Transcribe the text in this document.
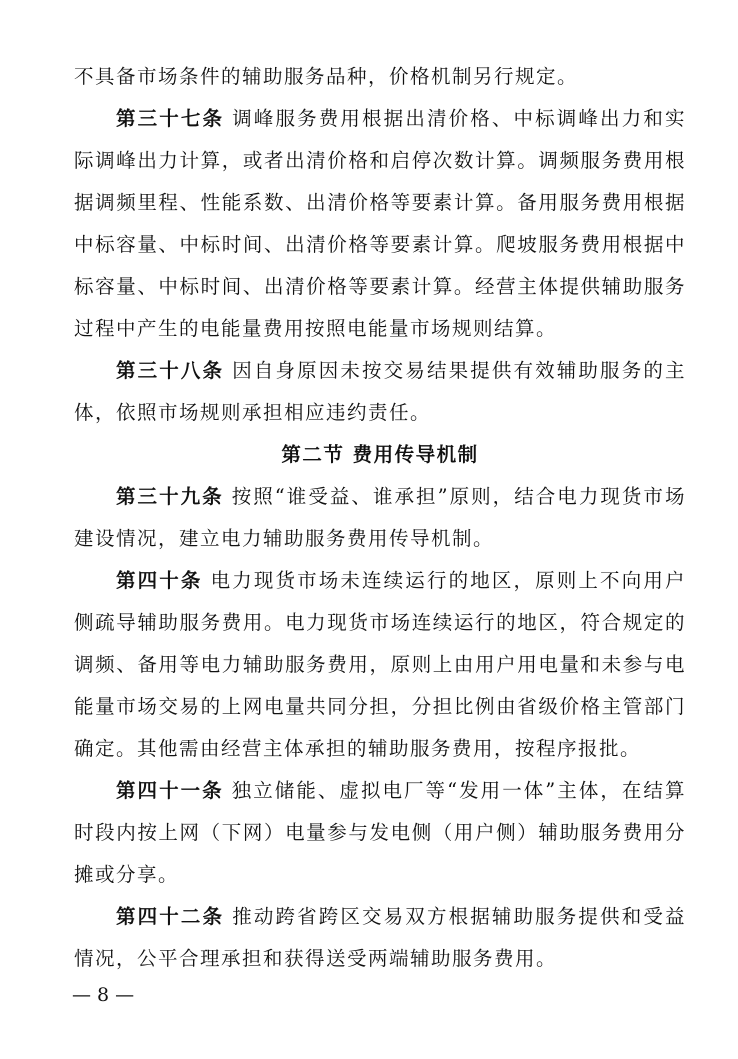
不具备市场条件的辅助服务品种，价格机制另行规定。

第三十七条 调峰服务费用根据出清价格、中标调峰出力和实际调峰出力计算，或者出清价格和启停次数计算。调频服务费用根据调频里程、性能系数、出清价格等要素计算。备用服务费用根据中标容量、中标时间、出清价格等要素计算。爬坡服务费用根据中标容量、中标时间、出清价格等要素计算。经营主体提供辅助服务过程中产生的电能量费用按照电能量市场规则结算。

第三十八条 因自身原因未按交易结果提供有效辅助服务的主体，依照市场规则承担相应违约责任。

第二节 费用传导机制

第三十九条 按照“谁受益、谁承担”原则，结合电力现货市场建设情况，建立电力辅助服务费用传导机制。

第四十条 电力现货市场未连续运行的地区，原则上不向用户侧疏导辅助服务费用。电力现货市场连续运行的地区，符合规定的调频、备用等电力辅助服务费用，原则上由用户用电量和未参与电能量市场交易的上网电量共同分担，分担比例由省级价格主管部门确定。其他需由经营主体承担的辅助服务费用，按程序报批。

第四十一条 独立储能、虚拟电厂等“发用一体”主体，在结算时段内按上网（下网）电量参与发电侧（用户侧）辅助服务费用分摊或分享。

第四十二条 推动跨省跨区交易双方根据辅助服务提供和受益情况，公平合理承担和获得送受两端辅助服务费用。

— 8 —
